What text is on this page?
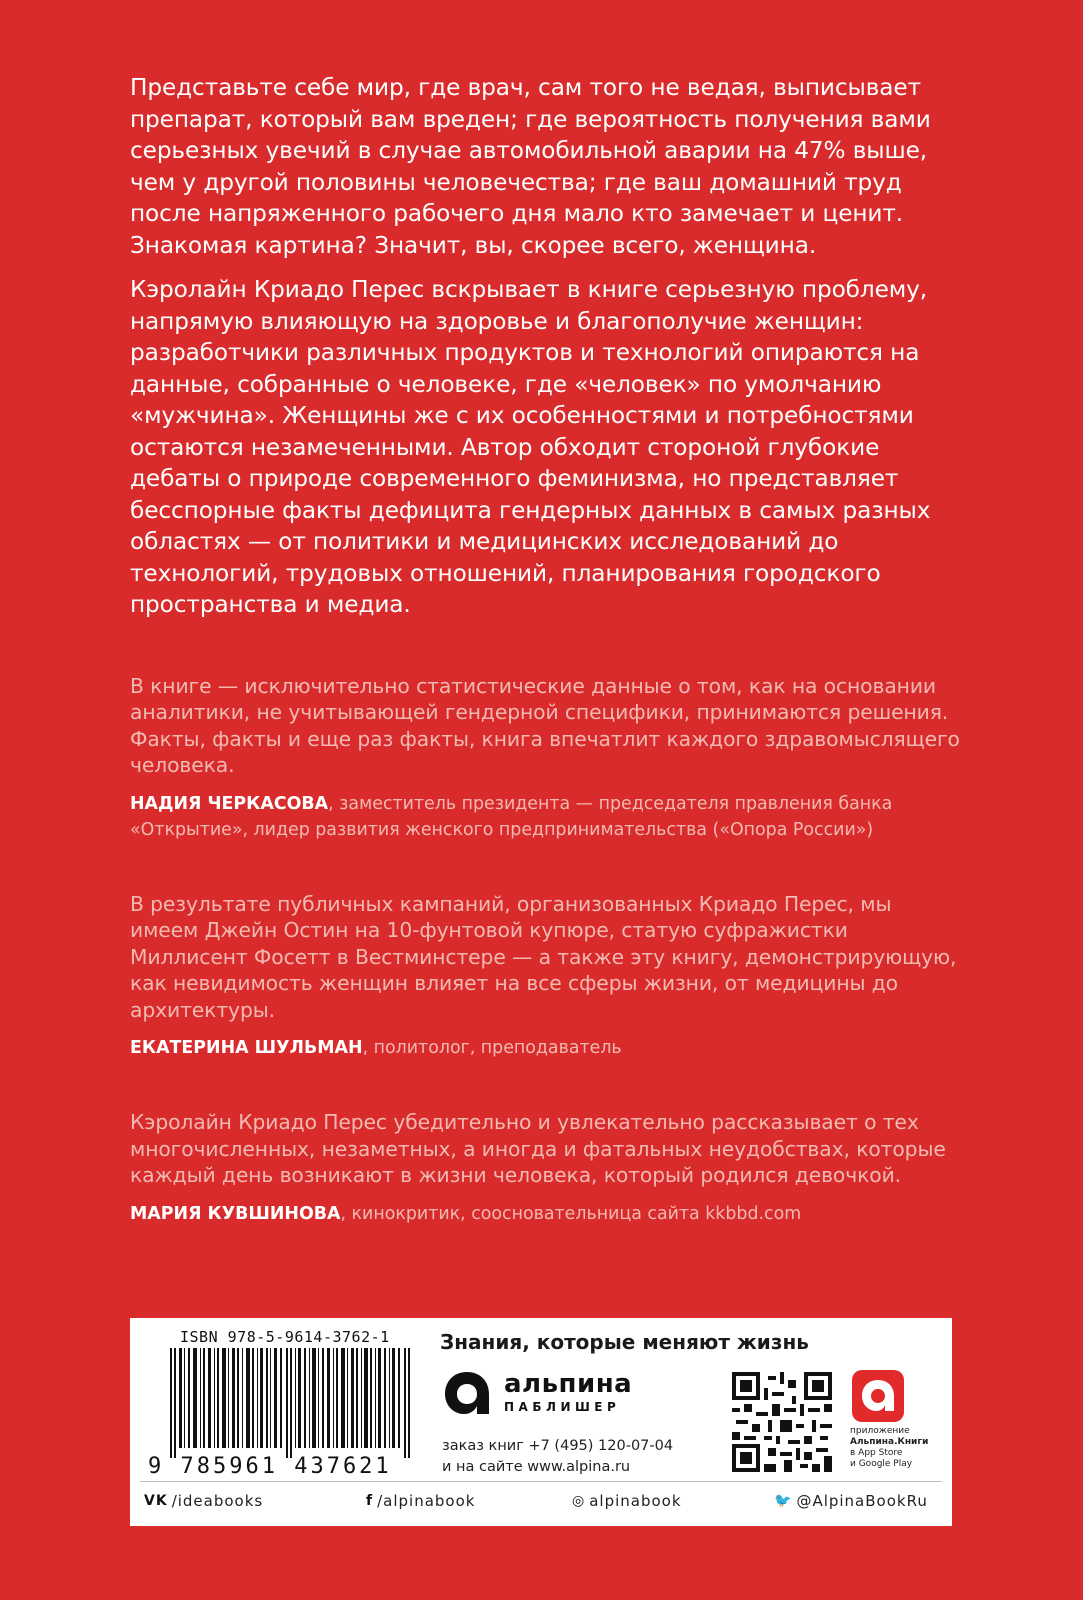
Представьте себе мир, где врач, сам того не ведая, выписывает препарат, который вам вреден; где вероятность получения вами серьезных увечий в случае автомобильной аварии на 47% выше, чем у другой половины человечества; где ваш домашний труд после напряженного рабочего дня мало кто замечает и ценит. Знакомая картина? Значит, вы, скорее всего, женщина.

Кэролайн Криадо Перес вскрывает в книге серьезную проблему, напрямую влияющую на здоровье и благополучие женщин: разработчики различных продуктов и технологий опираются на данные, собранные о человеке, где «человек» по умолчанию «мужчина». Женщины же с их особенностями и потребностями остаются незамеченными. Автор обходит стороной глубокие дебаты о природе современного феминизма, но представляет бесспорные факты дефицита гендерных данных в самых разных областях — от политики и медицинских исследований до технологий, трудовых отношений, планирования городского пространства и медиа.

В книге — исключительно статистические данные о том, как на основании аналитики, не учитывающей гендерной специфики, принимаются решения. Факты, факты и еще раз факты, книга впечатлит каждого здравомыслящего человека.

НАДИЯ ЧЕРКАСОВА, заместитель президента — председателя правления банка «Открытие», лидер развития женского предпринимательства («Опора России»)

В результате публичных кампаний, организованных Криадо Перес, мы имеем Джейн Остин на 10-фунтовой купюре, статую суфражистки Миллисент Фосетт в Вестминстере — а также эту книгу, демонстрирующую, как невидимость женщин влияет на все сферы жизни, от медицины до архитектуры.

ЕКАТЕРИНА ШУЛЬМАН, политолог, преподаватель

Кэролайн Криадо Перес убедительно и увлекательно рассказывает о тех многочисленных, незаметных, а иногда и фатальных неудобствах, которые каждый день возникают в жизни человека, который родился девочкой.

МАРИЯ КУВШИНОВА, кинокритик, соосновательница сайта kkbbd.com

ISBN 978-5-9614-3762-1
9 785961 437621
Знания, которые меняют жизнь
альпина
ПАБЛИШЕР
заказ книг +7 (495) 120-07-04
и на сайте www.alpina.ru
приложение
Альпина.Книги
в App Store
и Google Play
VK /ideabooks	f /alpinabook	◎ alpinabook	🐦 @AlpinaBookRu
